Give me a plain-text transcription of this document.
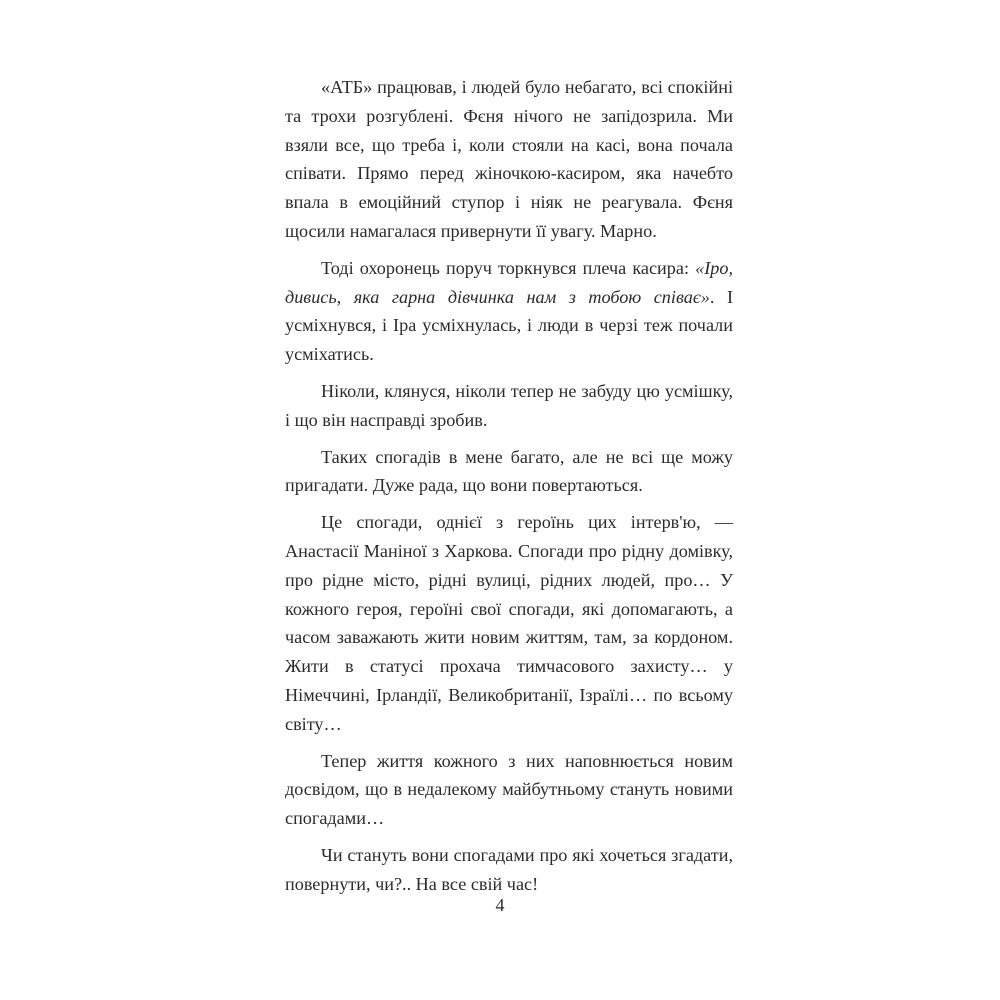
«АТБ» працював, і людей було небагато, всі спокійні та трохи розгублені. Фєня нічого не запідозрила. Ми взяли все, що треба і, коли стояли на касі, вона почала співати. Прямо перед жіночкою-касиром, яка начебто впала в емоційний ступор і ніяк не реагувала. Фєня щосили намагалася привернути її увагу. Марно.

Тоді охоронець поруч торкнувся плеча касира: «Іро, дивись, яка гарна дівчинка нам з тобою співає». І усміхнувся, і Іра усміхнулась, і люди в черзі теж почали усміхатись.

Ніколи, клянуся, ніколи тепер не забуду цю усмішку, і що він насправді зробив.

Таких спогадів в мене багато, але не всі ще можу пригадати. Дуже рада, що вони повертаються.

Це спогади, однієї з героїнь цих інтерв'ю, — Анастасії Маніної з Харкова. Спогади про рідну домівку, про рідне місто, рідні вулиці, рідних людей, про… У кожного героя, героїні свої спогади, які допомагають, а часом заважають жити новим життям, там, за кордоном. Жити в статусі прохача тимчасового захисту… у Німеччині, Ірландії, Великобританії, Ізраїлі… по всьому світу…

Тепер життя кожного з них наповнюється новим досвідом, що в недалекому майбутньому стануть новими спогадами…

Чи стануть вони спогадами про які хочеться згадати, повернути, чи?.. На все свій час!

4
